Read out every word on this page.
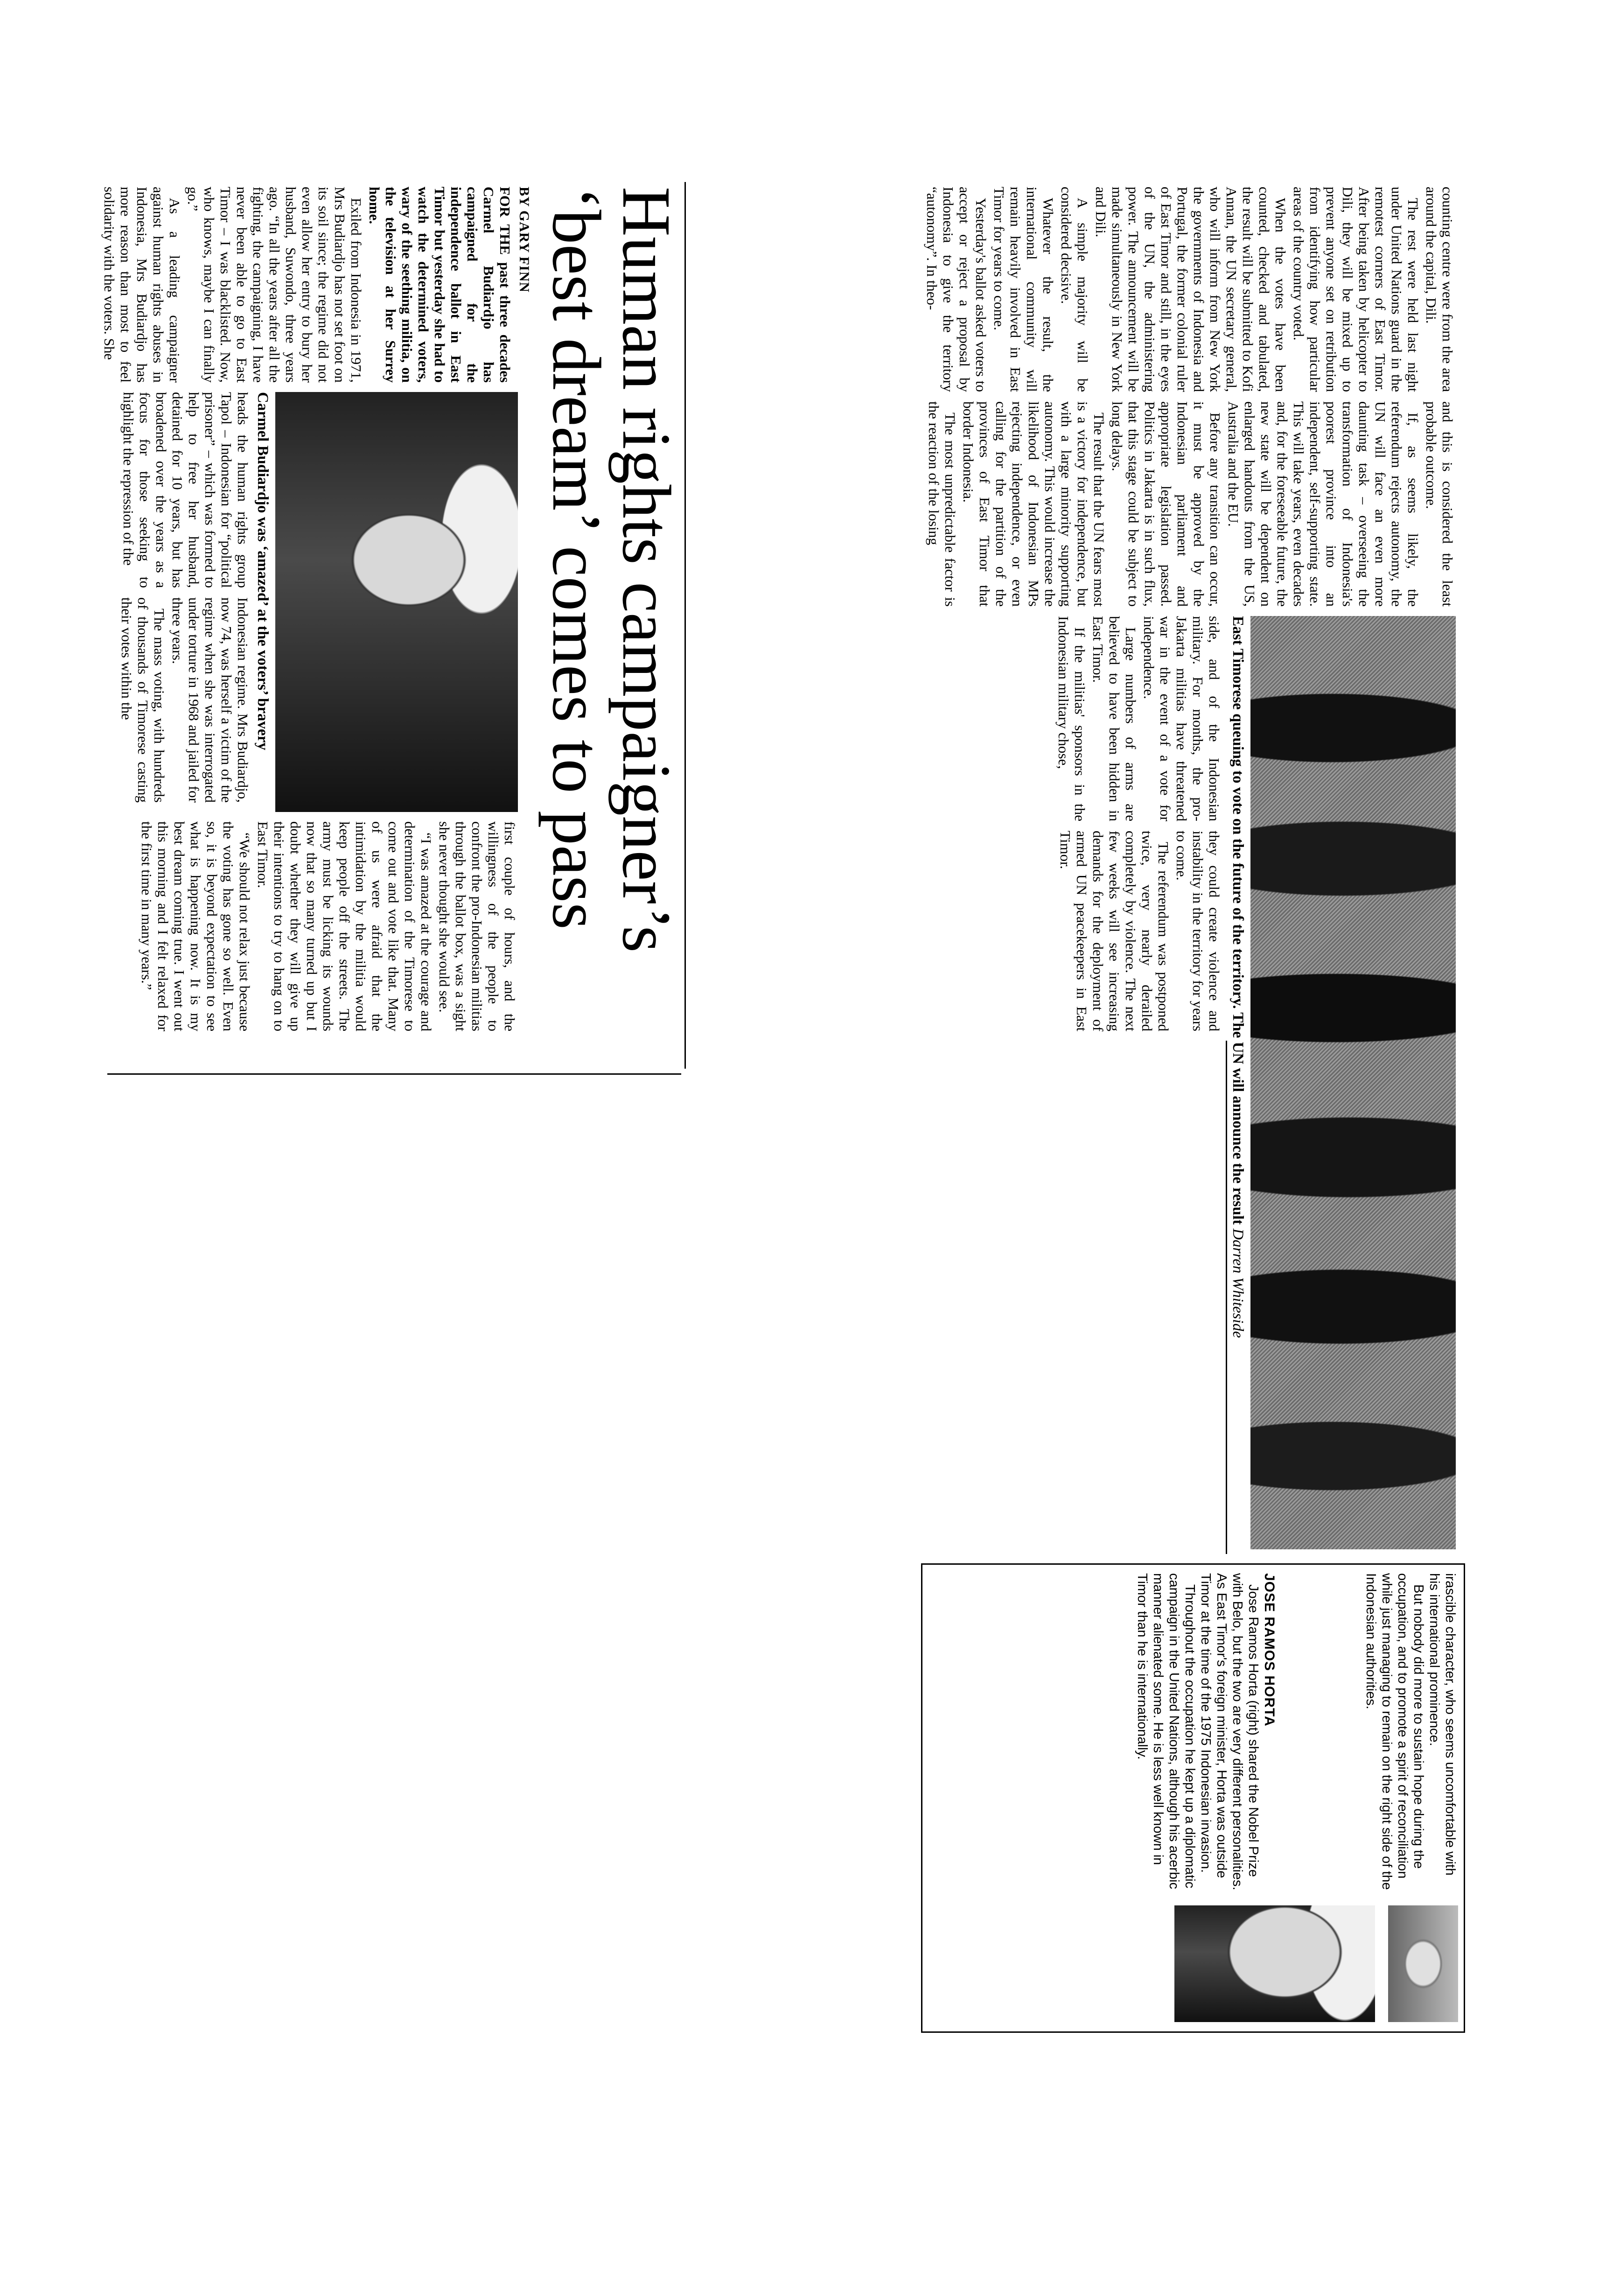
counting centre were from the area around the capital, Dili.

The rest were held last night under United Nations guard in the remotest corners of East Timor. After being taken by helicopter to Dili, they will be mixed up to prevent anyone set on retribution from identifying how particular areas of the country voted.

When the votes have been counted, checked and tabulated, the result will be submitted to Kofi Annan, the UN secretary general, who will inform from New York the governments of Indonesia and Portugal, the former colonial ruler of East Timor and still, in the eyes of the UN, the administering power. The announcement will be made simultaneously in New York and Dili.

A simple majority will be considered decisive.

Whatever the result, the international community will remain heavily involved in East Timor for years to come.

Yesterday's ballot asked voters to accept or reject a proposal by Indonesia to give the territory “autonomy”. In theo-

and this is considered the least probable outcome.

If, as seems likely, the referendum rejects autonomy, the UN will face an even more daunting task – overseeing the transformation of Indonesia's poorest province into an independent, self-supporting state. This will take years, even decades and, for the foreseeable future, the new state will be dependent on enlarged handouts from the US, Australia and the EU.

Before any transition can occur, it must be approved by the Indonesian parliament and appropriate legislation passed. Politics in Jakarta is in such flux, that this stage could be subject to long delays.

The result that the UN fears most is a victory for independence, but with a large minority supporting autonomy. This would increase the likelihood of Indonesian MPs rejecting independence, or even calling for the partition of the provinces of East Timor that border Indonesia.

The most unpredictable factor is the reaction of the losing

side, and of the Indonesian military. For months, the pro-Jakarta militias have threatened war in the event of a vote for independence.

Large numbers of arms are believed to have been hidden in East Timor.

If the militias' sponsors in the Indonesian military chose,

they could create violence and instability in the territory for years to come.

The referendum was postponed twice, very nearly derailed completely by violence. The next few weeks will see increasing demands for the deployment of armed UN peacekeepers in East Timor.	East Timorese queuing to vote on the future of the territory. The UN will announce the result Darren Whiteside

irascible character, who seems uncomfortable with his international prominence.

But nobody did more to sustain hope during the occupation, and to promote a spirit of reconciliation while just managing to remain on the right side of the Indonesian authorities.

JOSE RAMOS HORTA

Jose Ramos Horta (right) shared the Nobel Prize with Belo, but the two are very different personalities. As East Timor's foreign minister, Horta was outside Timor at the time of the 1975 Indonesian invasion.

Throughout the occupation he kept up a diplomatic campaign in the United Nations, although his acerbic manner alienated some. He is less well known in Timor than he is internationally.

Human rights campaigner’s

‘best dream’ comes to pass

BY GARY FINN

FOR THE past three decades Carmel Budiardjo has campaigned for the independence ballot in East Timor but yesterday she had to watch the determined voters, wary of the seething militia, on the television at her Surrey home.

Exiled from Indonesia in 1971, Mrs Budiardjo has not set foot on its soil since; the regime did not even allow her entry to bury her husband, Suwondo, three years ago. “In all the years after all the fighting, the campaigning, I have never been able to go to East Timor – I was blacklisted. Now, who knows, maybe I can finally go.”

As a leading campaigner against human rights abuses in Indonesia, Mrs Budiardjo has more reason than most to feel solidarity with the voters. She

Carmel Budiardjo was ‘amazed’ at the voters’ bravery

heads the human rights group Tapol – Indonesian for “political prisoner” – which was formed to help to free her husband, detained for 10 years, but has broadened over the years as a focus for those seeking to highlight the repression of the

Indonesian regime. Mrs Budiardjo, now 74, was herself a victim of the regime when she was interrogated under torture in 1968 and jailed for three years.

The mass voting, with hundreds of thousands of Timorese casting their votes within the

first couple of hours, and the willingness of the people to confront the pro-Indonesian militias through the ballot box, was a sight she never thought she would see.

“I was amazed at the courage and determination of the Timorese to come out and vote like that. Many of us were afraid that the intimidation by the militia would keep people off the streets. The army must be licking its wounds now that so many turned up but I doubt whether they will give up their intentions to try to hang on to East Timor.

“We should not relax just because the voting has gone so well. Even so, it is beyond expectation to see what is happening now. It is my best dream coming true. I went out this morning and I felt relaxed for the first time in many years.”
